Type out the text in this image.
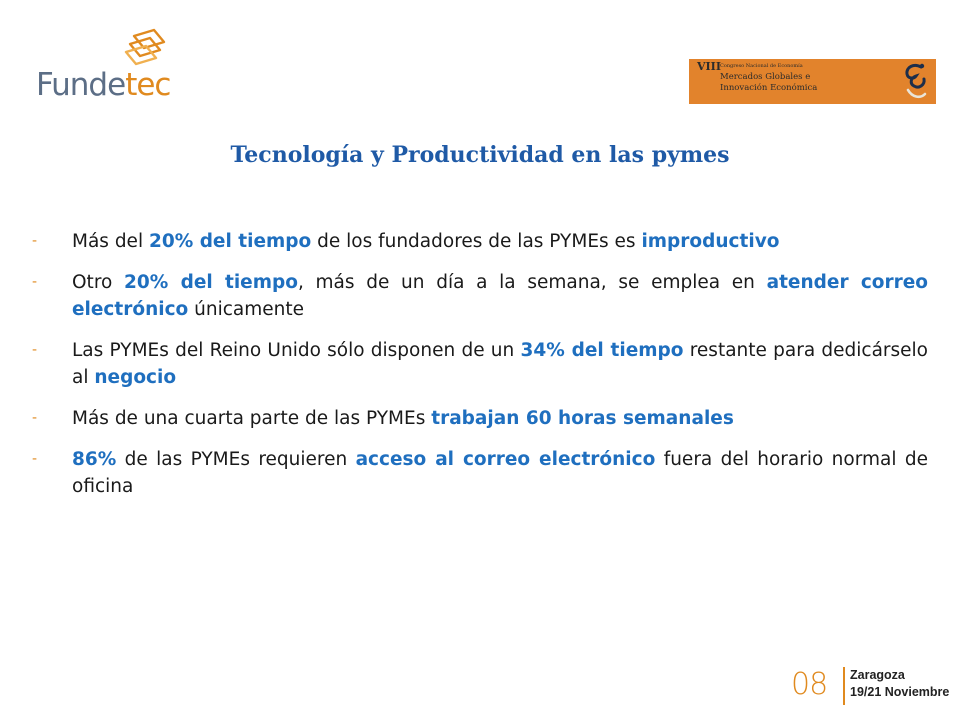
Fundetec
VIII Congreso Nacional de Economía
Mercados Globales e
Innovación Económica
Tecnología y Productividad en las pymes
- Más del 20% del tiempo de los fundadores de las PYMEs es improductivo
- Otro 20% del tiempo, más de un día a la semana, se emplea en atender correo electrónico únicamente
- Las PYMEs del Reino Unido sólo disponen de un 34% del tiempo restante para dedicárselo al negocio
- Más de una cuarta parte de las PYMEs trabajan 60 horas semanales
- 86% de las PYMEs requieren acceso al correo electrónico fuera del horario normal de oficina
08 Zaragoza
19/21 Noviembre
